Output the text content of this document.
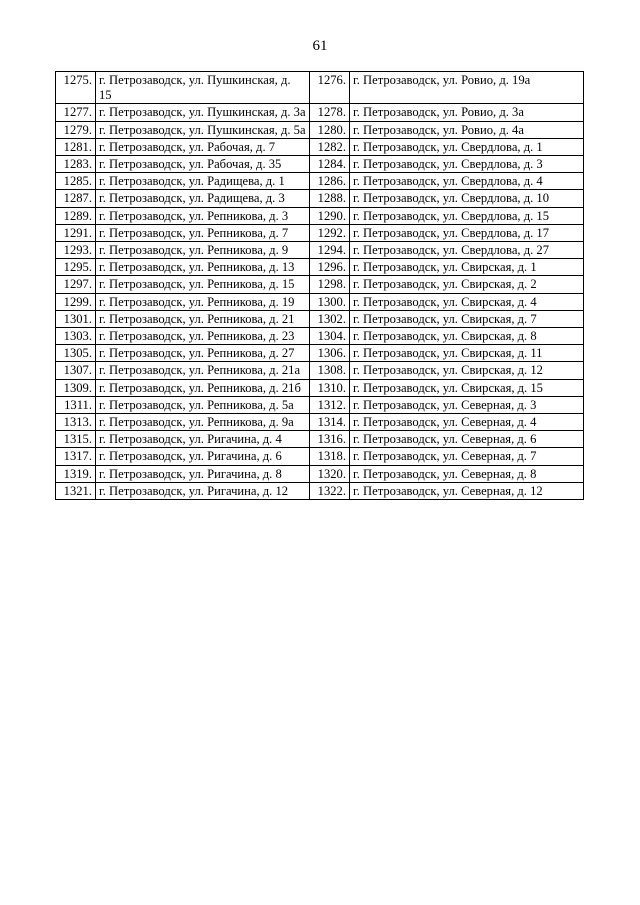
61
1275.	г. Петрозаводск, ул. Пушкинская, д. 15	1276.	г. Петрозаводск, ул. Ровио, д. 19а
1277.	г. Петрозаводск, ул. Пушкинская, д. 3а	1278.	г. Петрозаводск, ул. Ровио, д. 3а
1279.	г. Петрозаводск, ул. Пушкинская, д. 5а	1280.	г. Петрозаводск, ул. Ровио, д. 4а
1281.	г. Петрозаводск, ул. Рабочая, д. 7	1282.	г. Петрозаводск, ул. Свердлова, д. 1
1283.	г. Петрозаводск, ул. Рабочая, д. 35	1284.	г. Петрозаводск, ул. Свердлова, д. 3
1285.	г. Петрозаводск, ул. Радищева, д. 1	1286.	г. Петрозаводск, ул. Свердлова, д. 4
1287.	г. Петрозаводск, ул. Радищева, д. 3	1288.	г. Петрозаводск, ул. Свердлова, д. 10
1289.	г. Петрозаводск, ул. Репникова, д. 3	1290.	г. Петрозаводск, ул. Свердлова, д. 15
1291.	г. Петрозаводск, ул. Репникова, д. 7	1292.	г. Петрозаводск, ул. Свердлова, д. 17
1293.	г. Петрозаводск, ул. Репникова, д. 9	1294.	г. Петрозаводск, ул. Свердлова, д. 27
1295.	г. Петрозаводск, ул. Репникова, д. 13	1296.	г. Петрозаводск, ул. Свирская, д. 1
1297.	г. Петрозаводск, ул. Репникова, д. 15	1298.	г. Петрозаводск, ул. Свирская, д. 2
1299.	г. Петрозаводск, ул. Репникова, д. 19	1300.	г. Петрозаводск, ул. Свирская, д. 4
1301.	г. Петрозаводск, ул. Репникова, д. 21	1302.	г. Петрозаводск, ул. Свирская, д. 7
1303.	г. Петрозаводск, ул. Репникова, д. 23	1304.	г. Петрозаводск, ул. Свирская, д. 8
1305.	г. Петрозаводск, ул. Репникова, д. 27	1306.	г. Петрозаводск, ул. Свирская, д. 11
1307.	г. Петрозаводск, ул. Репникова, д. 21а	1308.	г. Петрозаводск, ул. Свирская, д. 12
1309.	г. Петрозаводск, ул. Репникова, д. 21б	1310.	г. Петрозаводск, ул. Свирская, д. 15
1311.	г. Петрозаводск, ул. Репникова, д. 5а	1312.	г. Петрозаводск, ул. Северная, д. 3
1313.	г. Петрозаводск, ул. Репникова, д. 9а	1314.	г. Петрозаводск, ул. Северная, д. 4
1315.	г. Петрозаводск, ул. Ригачина, д. 4	1316.	г. Петрозаводск, ул. Северная, д. 6
1317.	г. Петрозаводск, ул. Ригачина, д. 6	1318.	г. Петрозаводск, ул. Северная, д. 7
1319.	г. Петрозаводск, ул. Ригачина, д. 8	1320.	г. Петрозаводск, ул. Северная, д. 8
1321.	г. Петрозаводск, ул. Ригачина, д. 12	1322.	г. Петрозаводск, ул. Северная, д. 12
